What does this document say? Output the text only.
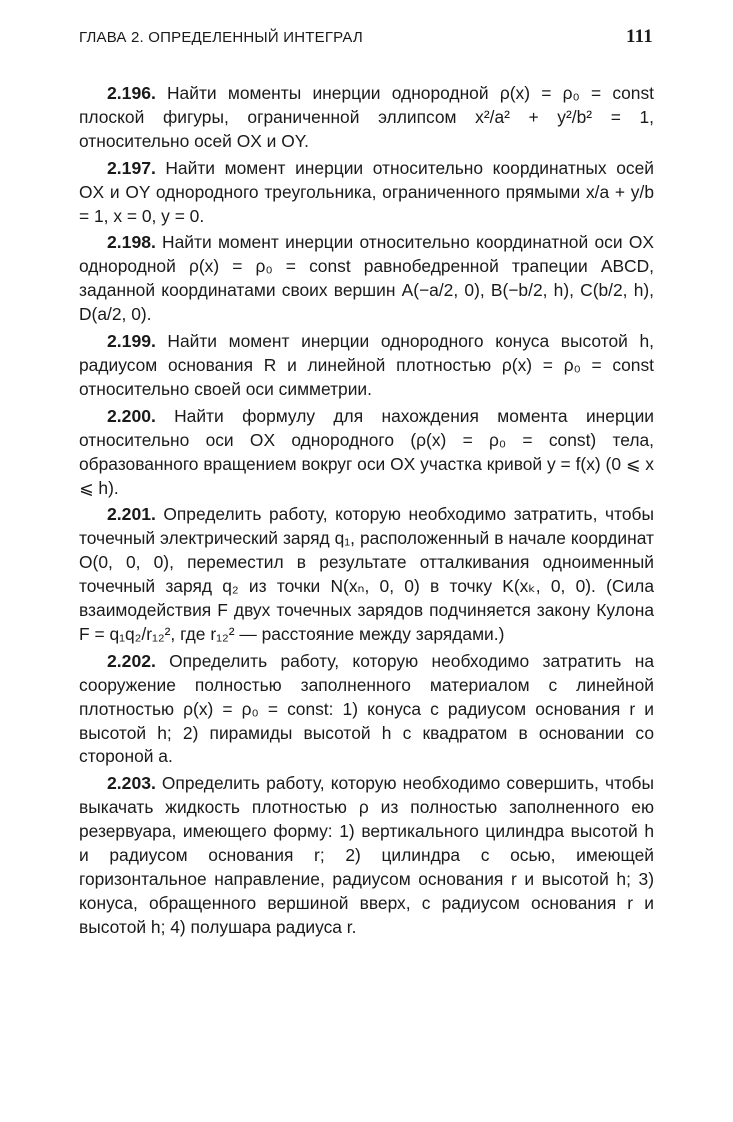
ГЛАВА 2. ОПРЕДЕЛЕННЫЙ ИНТЕГРАЛ	111

2.196. Найти моменты инерции однородной ρ(x) = ρ₀ = const плоской фигуры, ограниченной эллипсом x²/a² + y²/b² = 1, относительно осей OX и OY.

2.197. Найти момент инерции относительно координатных осей OX и OY однородного треугольника, ограниченного прямыми x/a + y/b = 1, x = 0, y = 0.

2.198. Найти момент инерции относительно координатной оси OX однородной ρ(x) = ρ₀ = const равнобедренной трапеции ABCD, заданной координатами своих вершин A(−a/2, 0), B(−b/2, h), C(b/2, h), D(a/2, 0).

2.199. Найти момент инерции однородного конуса высотой h, радиусом основания R и линейной плотностью ρ(x) = ρ₀ = const относительно своей оси симметрии.

2.200. Найти формулу для нахождения момента инерции относительно оси OX однородного (ρ(x) = ρ₀ = const) тела, образованного вращением вокруг оси OX участка кривой y = f(x) (0 ⩽ x ⩽ h).

2.201. Определить работу, которую необходимо затратить, чтобы точечный электрический заряд q₁, расположенный в начале координат O(0, 0, 0), переместил в результате отталкивания одноименный точечный заряд q₂ из точки N(xₙ, 0, 0) в точку K(xₖ, 0, 0). (Сила взаимодействия F двух точечных зарядов подчиняется закону Кулона F = q₁q₂/r₁₂², где r₁₂² — расстояние между зарядами.)

2.202. Определить работу, которую необходимо затратить на сооружение полностью заполненного материалом с линейной плотностью ρ(x) = ρ₀ = const: 1) конуса с радиусом основания r и высотой h; 2) пирамиды высотой h с квадратом в основании со стороной a.

2.203. Определить работу, которую необходимо совершить, чтобы выкачать жидкость плотностью ρ из полностью заполненного ею резервуара, имеющего форму: 1) вертикального цилиндра высотой h и радиусом основания r; 2) цилиндра с осью, имеющей горизонтальное направление, радиусом основания r и высотой h; 3) конуса, обращенного вершиной вверх, с радиусом основания r и высотой h; 4) полушара радиуса r.
